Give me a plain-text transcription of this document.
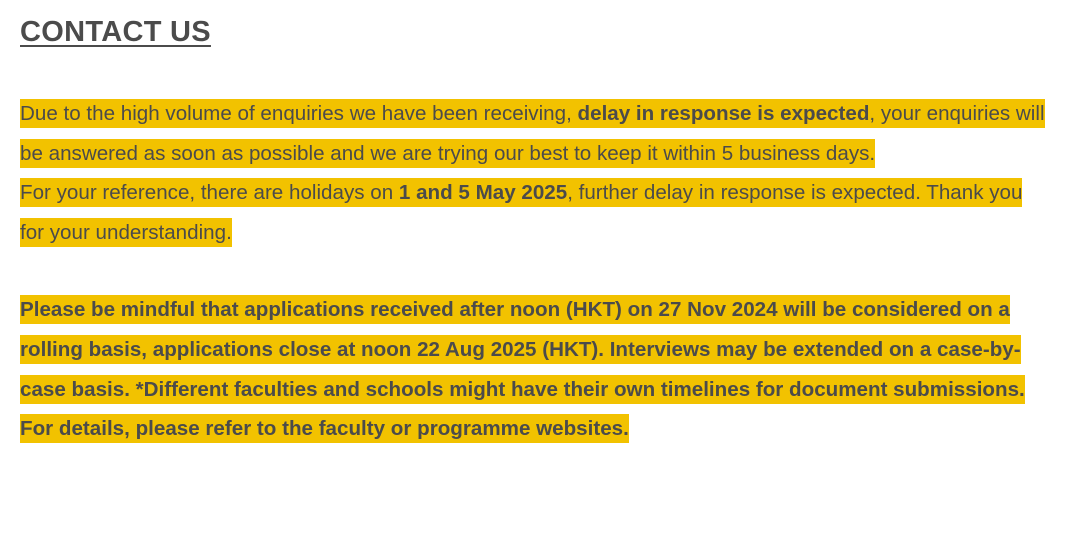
CONTACT US

Due to the high volume of enquiries we have been receiving, delay in response is expected, your enquiries will be answered as soon as possible and we are trying our best to keep it within 5 business days.
For your reference, there are holidays on 1 and 5 May 2025, further delay in response is expected. Thank you for your understanding.

Please be mindful that applications received after noon (HKT) on 27 Nov 2024 will be considered on a rolling basis, applications close at noon 22 Aug 2025 (HKT). Interviews may be extended on a case-by-case basis. *Different faculties and schools might have their own timelines for document submissions. For details, please refer to the faculty or programme websites.
